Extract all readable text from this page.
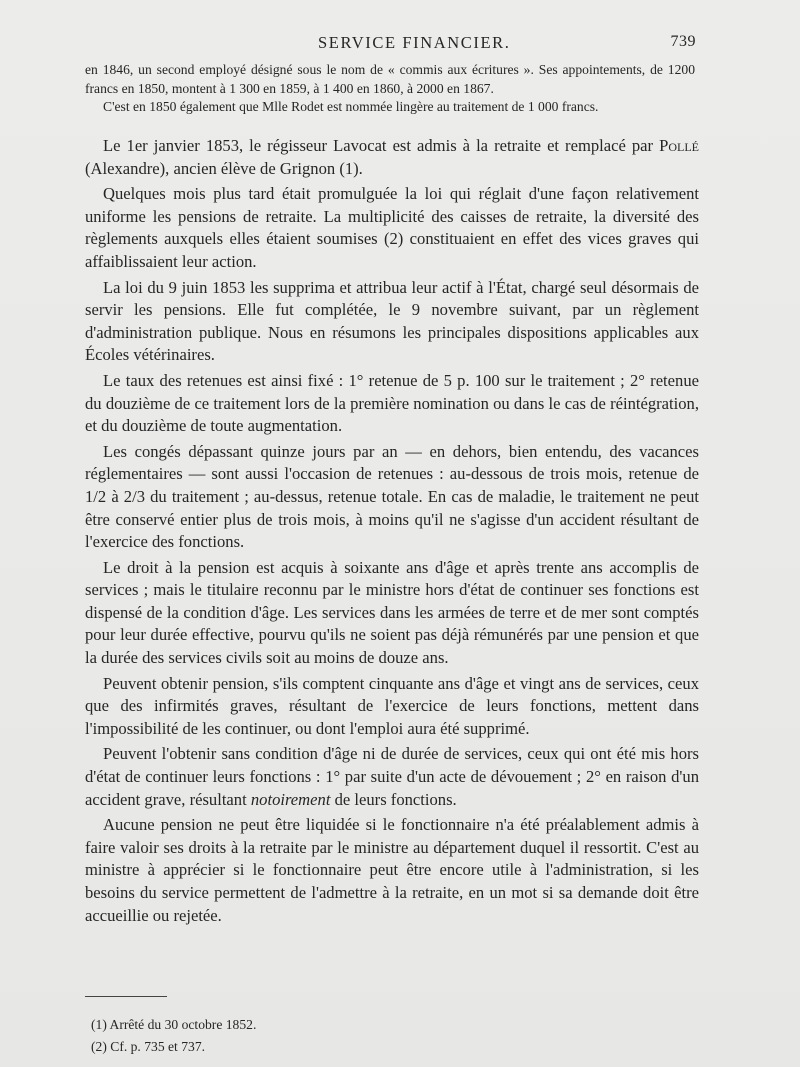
SERVICE FINANCIER.	739

en 1846, un second employé désigné sous le nom de « commis aux écritures ». Ses appointements, de 1200 francs en 1850, montent à 1 300 en 1859, à 1 400 en 1860, à 2000 en 1867.

C'est en 1850 également que Mlle Rodet est nommée lingère au traitement de 1 000 francs.

Le 1er janvier 1853, le régisseur Lavocat est admis à la retraite et remplacé par Pollé (Alexandre), ancien élève de Grignon (1).

Quelques mois plus tard était promulguée la loi qui réglait d'une façon relativement uniforme les pensions de retraite. La multiplicité des caisses de retraite, la diversité des règlements auxquels elles étaient soumises (2) constituaient en effet des vices graves qui affaiblissaient leur action.

La loi du 9 juin 1853 les supprima et attribua leur actif à l'État, chargé seul désormais de servir les pensions. Elle fut complétée, le 9 novembre suivant, par un règlement d'administration publique. Nous en résumons les principales dispositions applicables aux Écoles vétérinaires.

Le taux des retenues est ainsi fixé : 1° retenue de 5 p. 100 sur le traitement ; 2° retenue du douzième de ce traitement lors de la première nomination ou dans le cas de réintégration, et du douzième de toute augmentation.

Les congés dépassant quinze jours par an — en dehors, bien entendu, des vacances réglementaires — sont aussi l'occasion de retenues : au-dessous de trois mois, retenue de 1/2 à 2/3 du traitement ; au-dessus, retenue totale. En cas de maladie, le traitement ne peut être conservé entier plus de trois mois, à moins qu'il ne s'agisse d'un accident résultant de l'exercice des fonctions.

Le droit à la pension est acquis à soixante ans d'âge et après trente ans accomplis de services ; mais le titulaire reconnu par le ministre hors d'état de continuer ses fonctions est dispensé de la condition d'âge. Les services dans les armées de terre et de mer sont comptés pour leur durée effective, pourvu qu'ils ne soient pas déjà rémunérés par une pension et que la durée des services civils soit au moins de douze ans.

Peuvent obtenir pension, s'ils comptent cinquante ans d'âge et vingt ans de services, ceux que des infirmités graves, résultant de l'exercice de leurs fonctions, mettent dans l'impossibilité de les continuer, ou dont l'emploi aura été supprimé.

Peuvent l'obtenir sans condition d'âge ni de durée de services, ceux qui ont été mis hors d'état de continuer leurs fonctions : 1° par suite d'un acte de dévouement ; 2° en raison d'un accident grave, résultant notoirement de leurs fonctions.

Aucune pension ne peut être liquidée si le fonctionnaire n'a été préalablement admis à faire valoir ses droits à la retraite par le ministre au département duquel il ressortit. C'est au ministre à apprécier si le fonctionnaire peut être encore utile à l'administration, si les besoins du service permettent de l'admettre à la retraite, en un mot si sa demande doit être accueillie ou rejetée.

(1) Arrêté du 30 octobre 1852.

(2) Cf. p. 735 et 737.
